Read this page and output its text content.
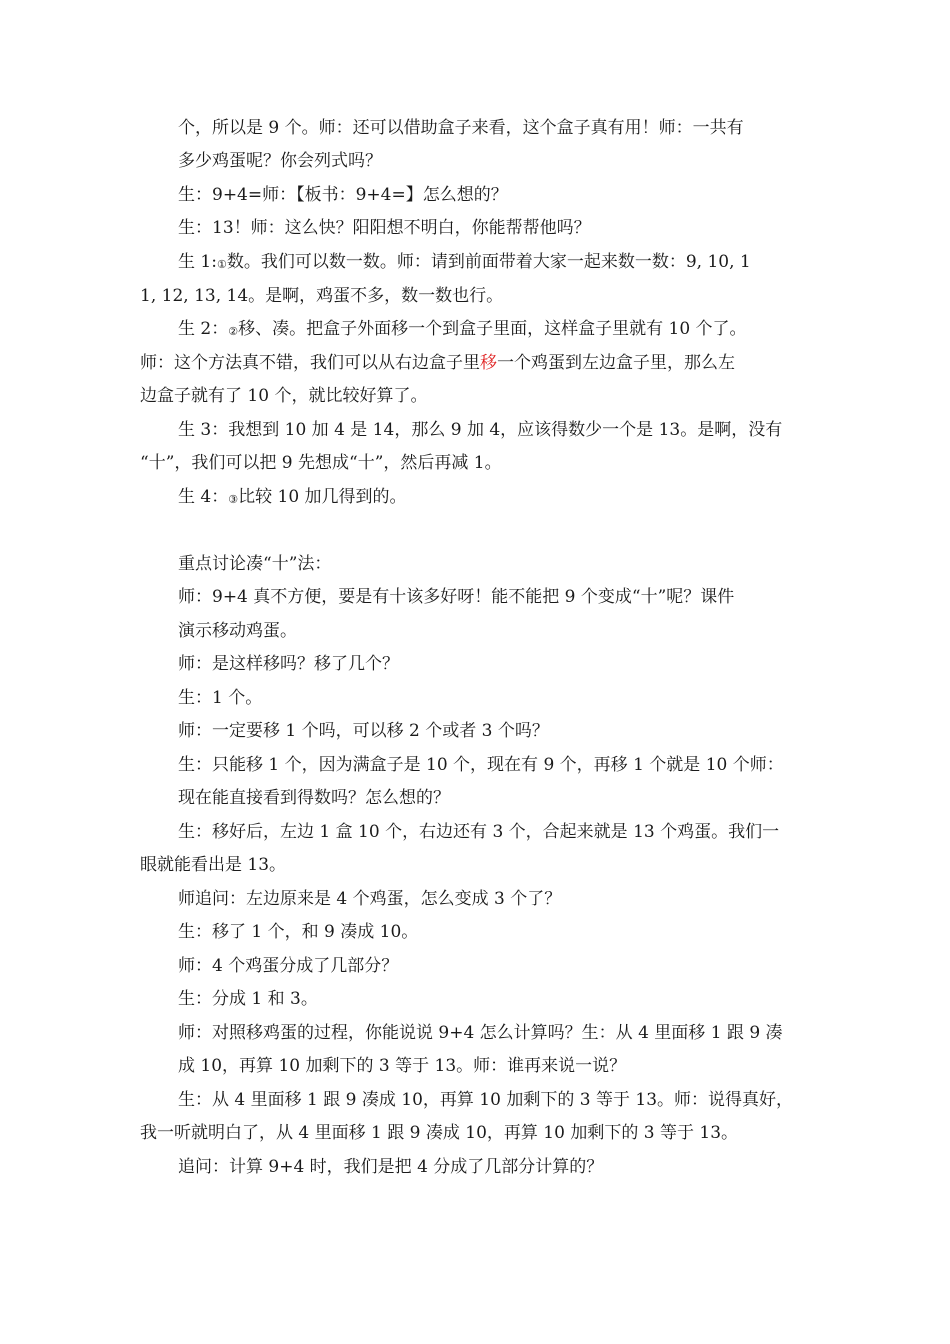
个，所以是 9 个。师：还可以借助盒子来看，这个盒子真有用！师：一共有
多少鸡蛋呢？你会列式吗？
生：9+4=师：【板书：9+4=】怎么想的？
生：13！师：这么快？阳阳想不明白，你能帮帮他吗？
生 1:①数。我们可以数一数。师：请到前面带着大家一起来数一数：9, 10, 1
1, 12, 13, 14。是啊，鸡蛋不多，数一数也行。
生 2：②移、凑。把盒子外面移一个到盒子里面，这样盒子里就有 10 个了。
师：这个方法真不错，我们可以从右边盒子里移一个鸡蛋到左边盒子里，那么左
边盒子就有了 10 个，就比较好算了。
生 3：我想到 10 加 4 是 14，那么 9 加 4，应该得数少一个是 13。是啊，没有
“十”，我们可以把 9 先想成“十”，然后再减 1。
生 4：③比较 10 加几得到的。
重点讨论凑“十”法：
师：9+4 真不方便，要是有十该多好呀！能不能把 9 个变成“十”呢？课件
演示移动鸡蛋。
师：是这样移吗？移了几个？
生：1 个。
师：一定要移 1 个吗，可以移 2 个或者 3 个吗？
生：只能移 1 个，因为满盒子是 10 个，现在有 9 个，再移 1 个就是 10 个师：
现在能直接看到得数吗？怎么想的？
生：移好后，左边 1 盒 10 个，右边还有 3 个，合起来就是 13 个鸡蛋。我们一
眼就能看出是 13。
师追问：左边原来是 4 个鸡蛋，怎么变成 3 个了？
生：移了 1 个，和 9 凑成 10。
师：4 个鸡蛋分成了几部分？
生：分成 1 和 3。
师：对照移鸡蛋的过程，你能说说 9+4 怎么计算吗？生：从 4 里面移 1 跟 9 凑
成 10，再算 10 加剩下的 3 等于 13。师：谁再来说一说？
生：从 4 里面移 1 跟 9 凑成 10，再算 10 加剩下的 3 等于 13。师：说得真好，
我一听就明白了，从 4 里面移 1 跟 9 凑成 10，再算 10 加剩下的 3 等于 13。
追问：计算 9+4 时，我们是把 4 分成了几部分计算的？
